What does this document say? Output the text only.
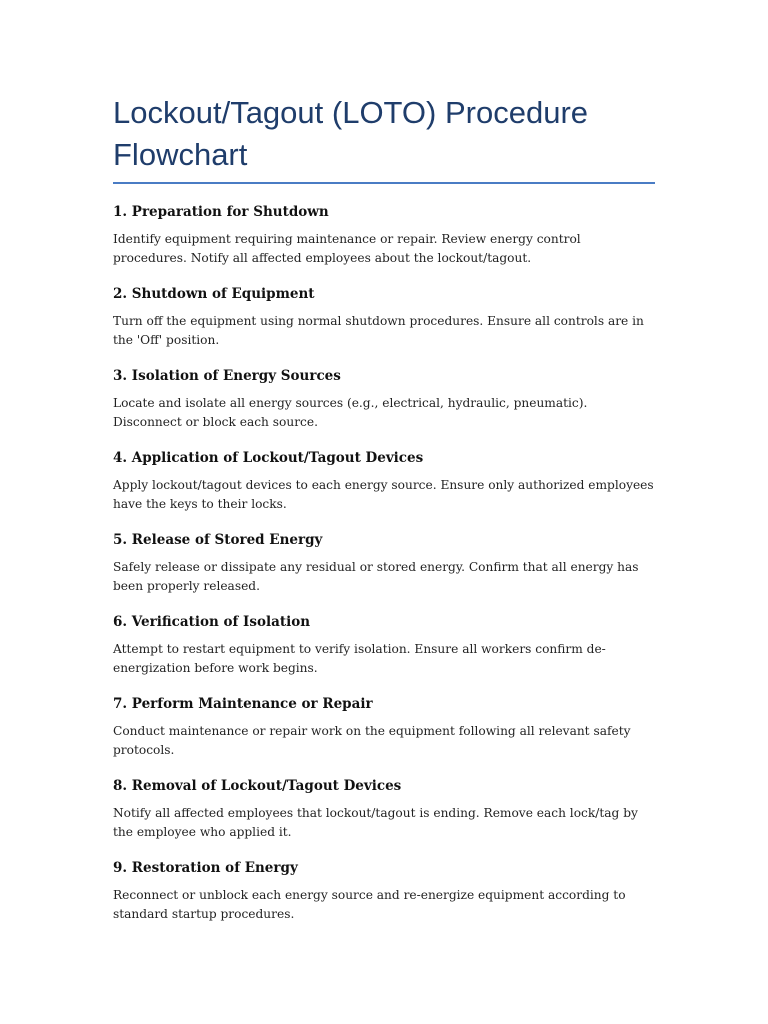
Lockout/Tagout (LOTO) Procedure Flowchart
1. Preparation for Shutdown
Identify equipment requiring maintenance or repair. Review energy control procedures. Notify all affected employees about the lockout/tagout.
2. Shutdown of Equipment
Turn off the equipment using normal shutdown procedures. Ensure all controls are in the 'Off' position.
3. Isolation of Energy Sources
Locate and isolate all energy sources (e.g., electrical, hydraulic, pneumatic). Disconnect or block each source.
4. Application of Lockout/Tagout Devices
Apply lockout/tagout devices to each energy source. Ensure only authorized employees have the keys to their locks.
5. Release of Stored Energy
Safely release or dissipate any residual or stored energy. Confirm that all energy has been properly released.
6. Verification of Isolation
Attempt to restart equipment to verify isolation. Ensure all workers confirm de-energization before work begins.
7. Perform Maintenance or Repair
Conduct maintenance or repair work on the equipment following all relevant safety protocols.
8. Removal of Lockout/Tagout Devices
Notify all affected employees that lockout/tagout is ending. Remove each lock/tag by the employee who applied it.
9. Restoration of Energy
Reconnect or unblock each energy source and re-energize equipment according to standard startup procedures.
